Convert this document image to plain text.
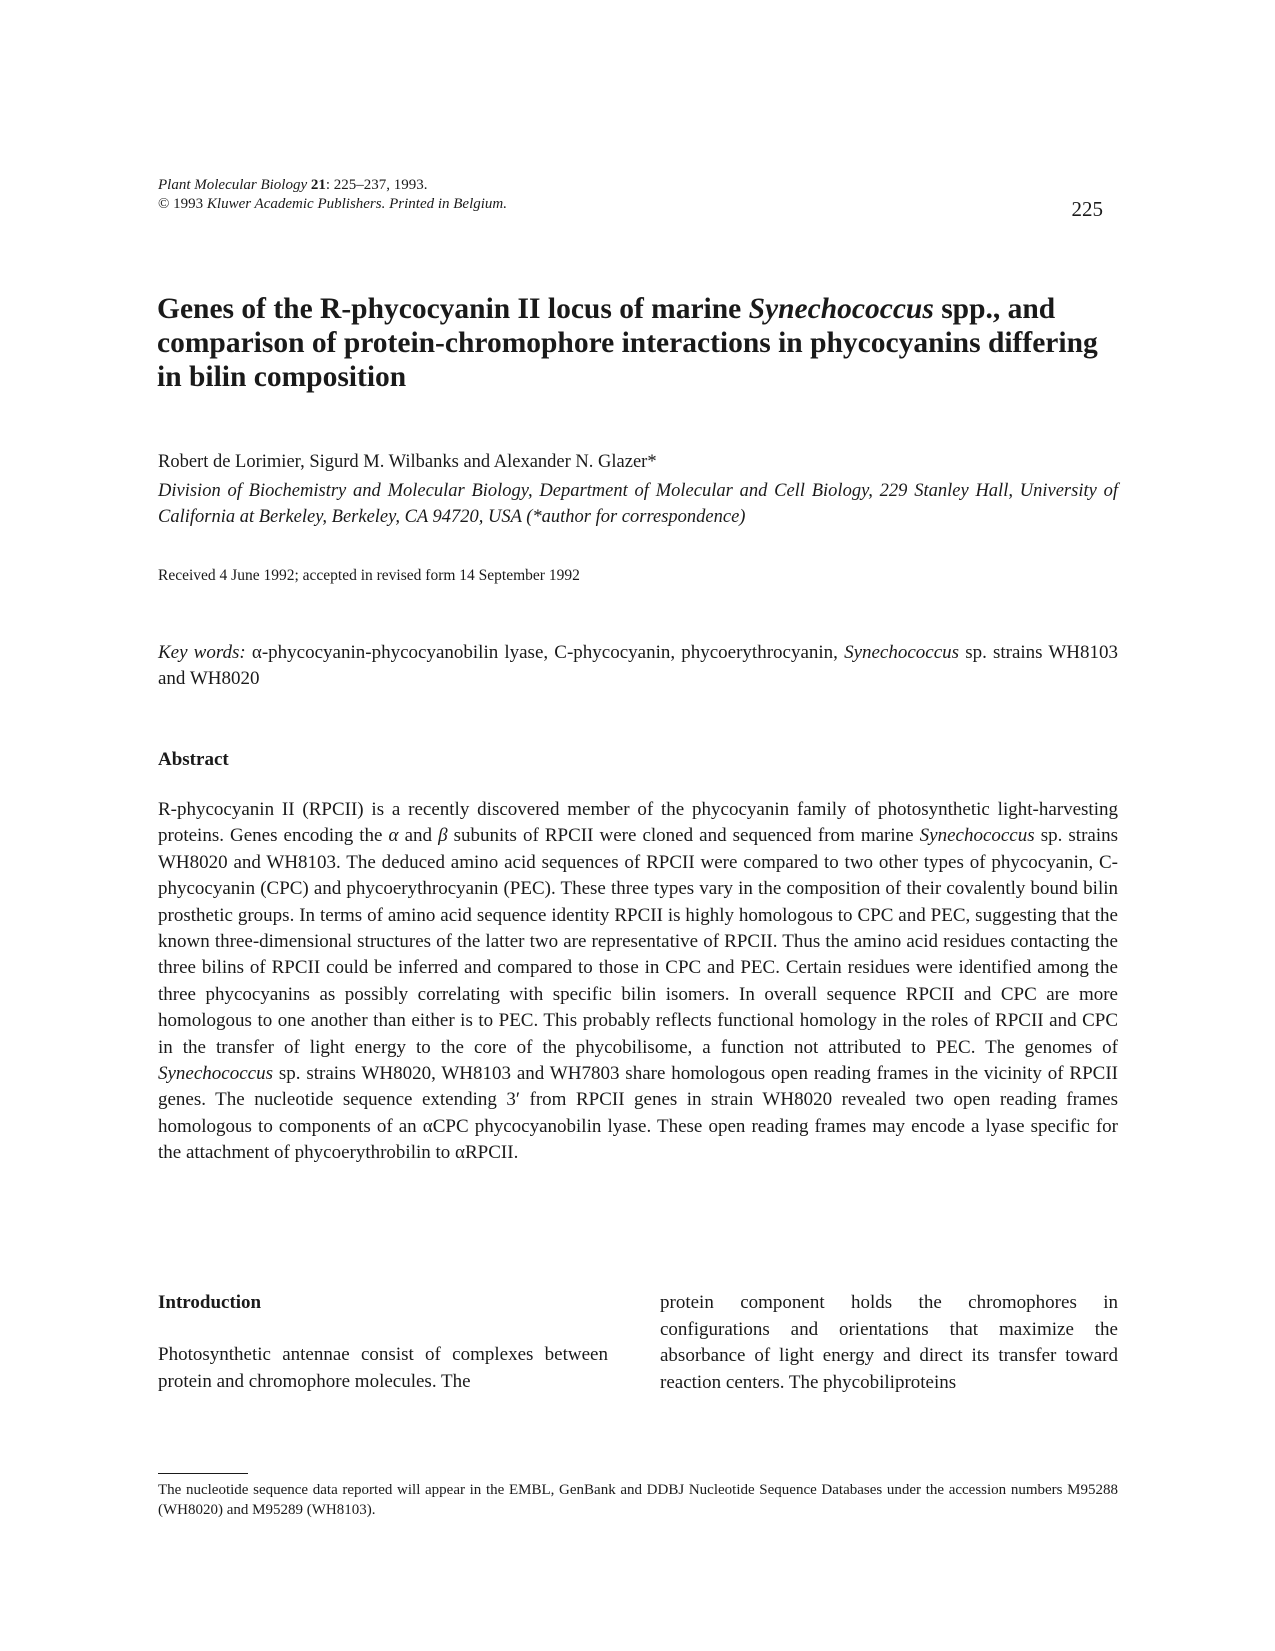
Plant Molecular Biology 21: 225–237, 1993.
© 1993 Kluwer Academic Publishers. Printed in Belgium.	225
Genes of the R-phycocyanin II locus of marine Synechococcus spp., and comparison of protein-chromophore interactions in phycocyanins differing in bilin composition
Robert de Lorimier, Sigurd M. Wilbanks and Alexander N. Glazer*
Division of Biochemistry and Molecular Biology, Department of Molecular and Cell Biology, 229 Stanley Hall, University of California at Berkeley, Berkeley, CA 94720, USA (*author for correspondence)
Received 4 June 1992; accepted in revised form 14 September 1992
Key words: α-phycocyanin-phycocyanobilin lyase, C-phycocyanin, phycoerythrocyanin, Synechococcus sp. strains WH8103 and WH8020
Abstract

R-phycocyanin II (RPCII) is a recently discovered member of the phycocyanin family of photosynthetic light-harvesting proteins. Genes encoding the α and β subunits of RPCII were cloned and sequenced from marine Synechococcus sp. strains WH8020 and WH8103. The deduced amino acid sequences of RPCII were compared to two other types of phycocyanin, C-phycocyanin (CPC) and phycoerythrocyanin (PEC). These three types vary in the composition of their covalently bound bilin prosthetic groups. In terms of amino acid sequence identity RPCII is highly homologous to CPC and PEC, suggesting that the known three-dimensional structures of the latter two are representative of RPCII. Thus the amino acid residues contacting the three bilins of RPCII could be inferred and compared to those in CPC and PEC. Certain residues were identified among the three phycocyanins as possibly correlating with specific bilin isomers. In overall sequence RPCII and CPC are more homologous to one another than either is to PEC. This probably reflects functional homology in the roles of RPCII and CPC in the transfer of light energy to the core of the phycobilisome, a function not attributed to PEC. The genomes of Synechococcus sp. strains WH8020, WH8103 and WH7803 share homologous open reading frames in the vicinity of RPCII genes. The nucleotide sequence extending 3′ from RPCII genes in strain WH8020 revealed two open reading frames homologous to components of an αCPC phycocyanobilin lyase. These open reading frames may encode a lyase specific for the attachment of phycoerythrobilin to αRPCII.

Introduction

Photosynthetic antennae consist of complexes between protein and chromophore molecules. The

protein component holds the chromophores in configurations and orientations that maximize the absorbance of light energy and direct its transfer toward reaction centers. The phycobiliproteins

The nucleotide sequence data reported will appear in the EMBL, GenBank and DDBJ Nucleotide Sequence Databases under the accession numbers M95288 (WH8020) and M95289 (WH8103).
